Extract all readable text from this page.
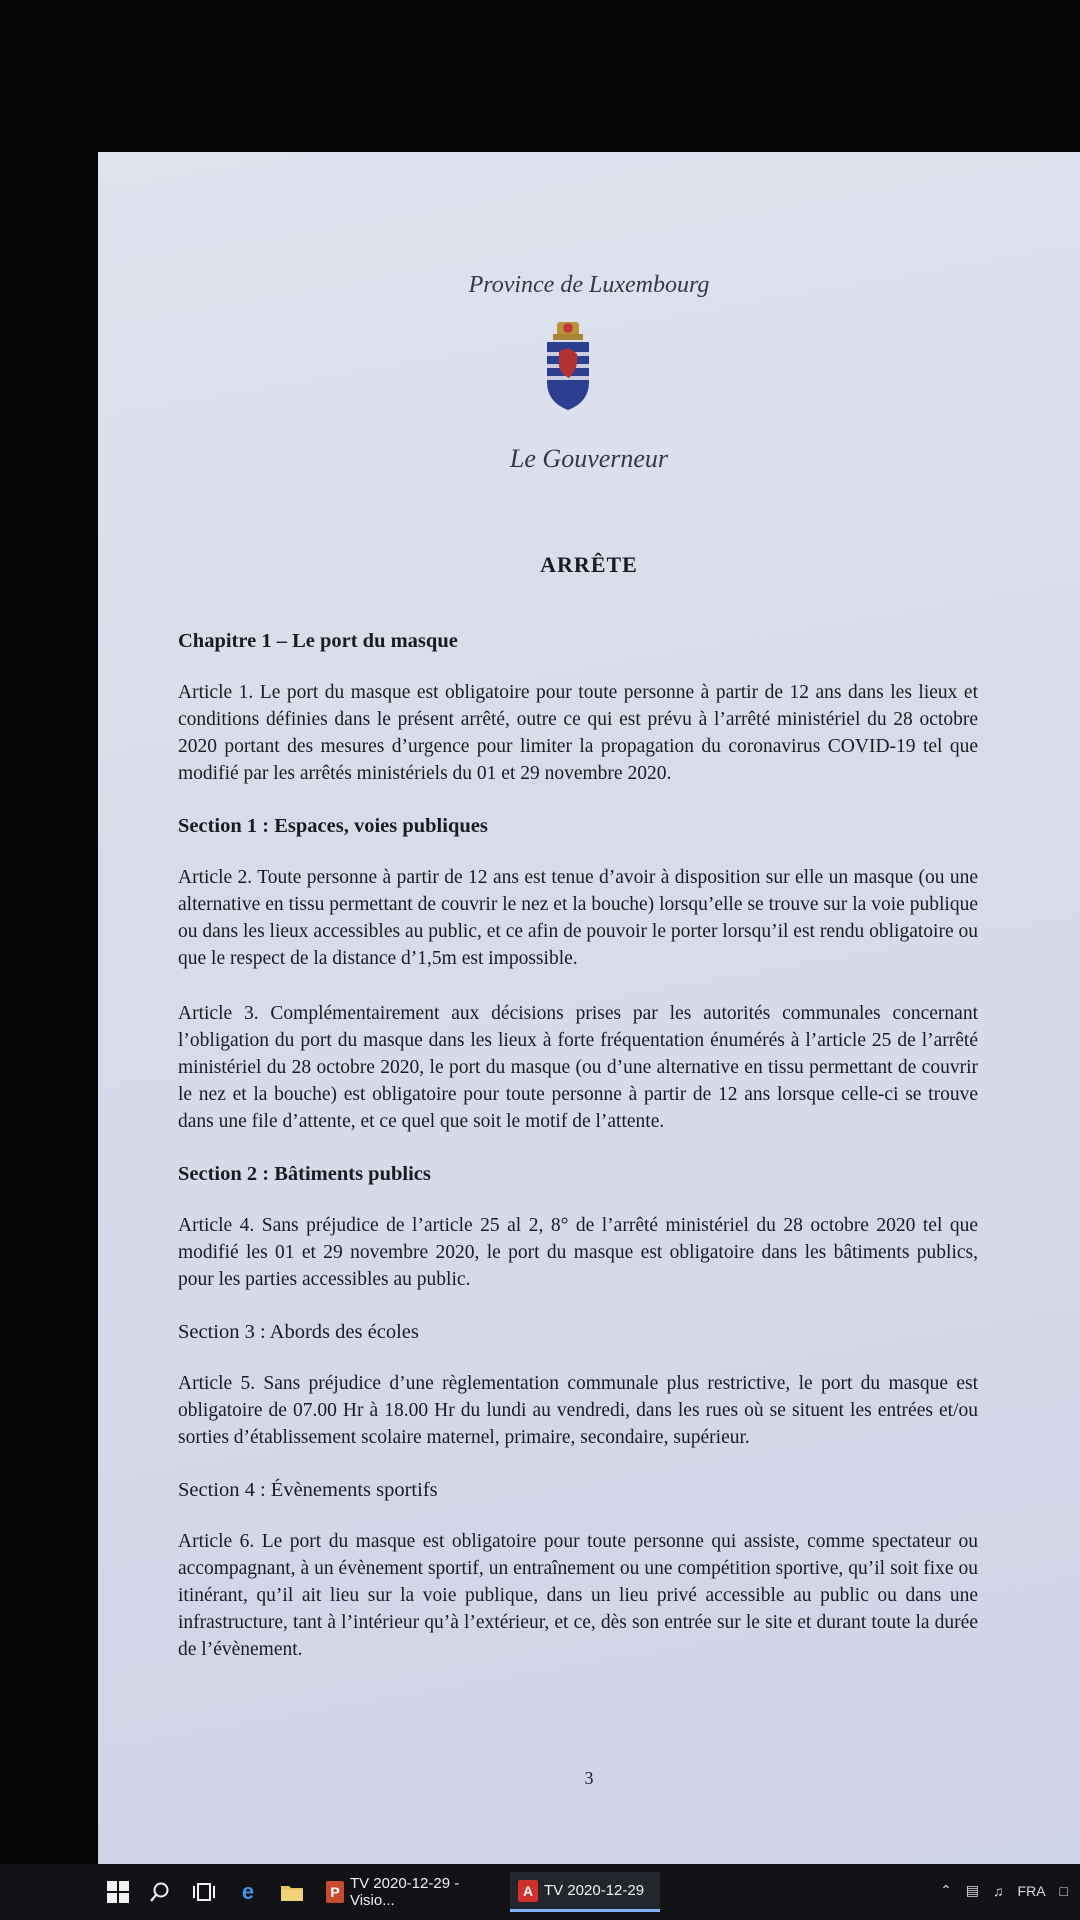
Province de Luxembourg
Le Gouverneur
ARRÊTE
Chapitre 1 – Le port du masque

Article 1. Le port du masque est obligatoire pour toute personne à partir de 12 ans dans les lieux et conditions définies dans le présent arrêté, outre ce qui est prévu à l’arrêté ministériel du 28 octobre 2020 portant des mesures d’urgence pour limiter la propagation du coronavirus COVID-19 tel que modifié par les arrêtés ministériels du 01 et 29 novembre 2020.

Section 1 : Espaces, voies publiques

Article 2. Toute personne à partir de 12 ans est tenue d’avoir à disposition sur elle un masque (ou une alternative en tissu permettant de couvrir le nez et la bouche) lorsqu’elle se trouve sur la voie publique ou dans les lieux accessibles au public, et ce afin de pouvoir le porter lorsqu’il est rendu obligatoire ou que le respect de la distance d’1,5m est impossible.

Article 3. Complémentairement aux décisions prises par les autorités communales concernant l’obligation du port du masque dans les lieux à forte fréquentation énumérés à l’article 25 de l’arrêté ministériel du 28 octobre 2020, le port du masque (ou d’une alternative en tissu permettant de couvrir le nez et la bouche) est obligatoire pour toute personne à partir de 12 ans lorsque celle-ci se trouve dans une file d’attente, et ce quel que soit le motif de l’attente.

Section 2 : Bâtiments publics

Article 4. Sans préjudice de l’article 25 al 2, 8° de l’arrêté ministériel du 28 octobre 2020 tel que modifié les 01 et 29 novembre 2020, le port du masque est obligatoire dans les bâtiments publics, pour les parties accessibles au public.

Section 3 : Abords des écoles

Article 5. Sans préjudice d’une règlementation communale plus restrictive, le port du masque est obligatoire de 07.00 Hr à 18.00 Hr du lundi au vendredi, dans les rues où se situent les entrées et/ou sorties d’établissement scolaire maternel, primaire, secondaire, supérieur.

Section 4 : Évènements sportifs

Article 6. Le port du masque est obligatoire pour toute personne qui assiste, comme spectateur ou accompagnant, à un évènement sportif, un entraînement ou une compétition sportive, qu’il soit fixe ou itinérant, qu’il ait lieu sur la voie publique, dans un lieu privé accessible au public ou dans une infrastructure, tant à l’intérieur qu’à l’extérieur, et ce, dès son entrée sur le site et durant toute la durée de l’évènement.

3
e	P TV 2020-12-29 - Visio...
A TV 2020-12-29	⌃ ▤ ♫ FRA □
